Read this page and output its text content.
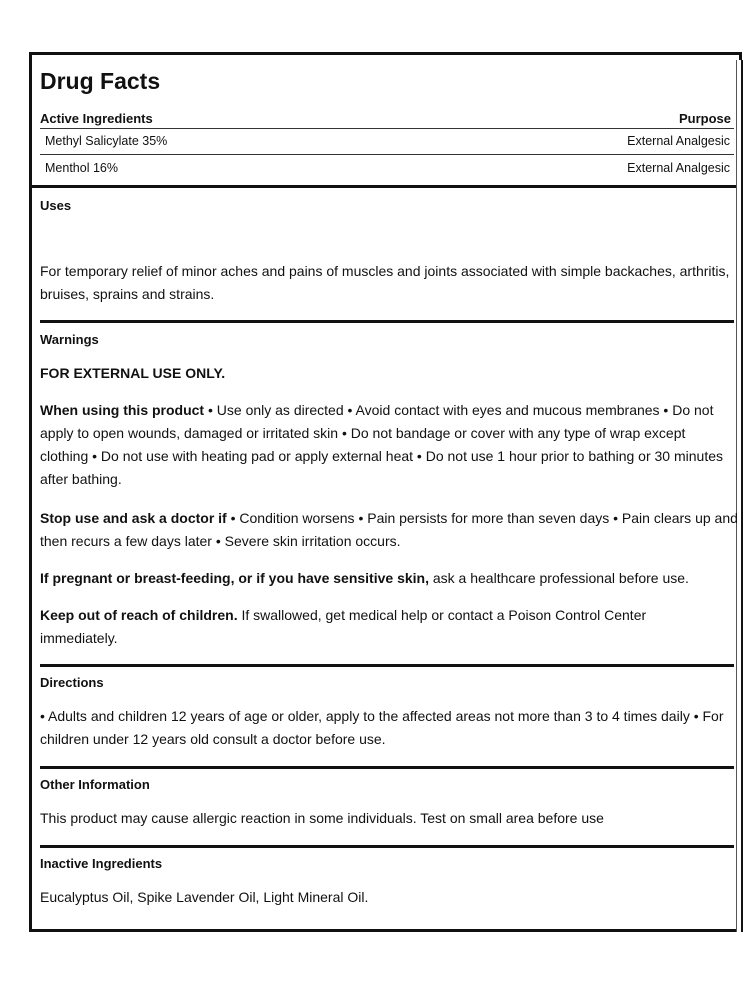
Drug Facts
Active Ingredients	Purpose
Methyl Salicylate 35%	External Analgesic
Menthol 16%	External Analgesic
Uses

For temporary relief of minor aches and pains of muscles and joints associated with simple backaches, arthritis, bruises, sprains and strains.

Warnings
FOR EXTERNAL USE ONLY.

When using this product • Use only as directed • Avoid contact with eyes and mucous membranes • Do not apply to open wounds, damaged or irritated skin • Do not bandage or cover with any type of wrap except clothing • Do not use with heating pad or apply external heat • Do not use 1 hour prior to bathing or 30 minutes after bathing.

Stop use and ask a doctor if • Condition worsens • Pain persists for more than seven days • Pain clears up and then recurs a few days later • Severe skin irritation occurs.

If pregnant or breast-feeding, or if you have sensitive skin, ask a healthcare professional before use.

Keep out of reach of children. If swallowed, get medical help or contact a Poison Control Center immediately.

Directions

• Adults and children 12 years of age or older, apply to the affected areas not more than 3 to 4 times daily • For children under 12 years old consult a doctor before use.

Other Information
This product may cause allergic reaction in some individuals. Test on small area before use
Inactive Ingredients
Eucalyptus Oil, Spike Lavender Oil, Light Mineral Oil.
